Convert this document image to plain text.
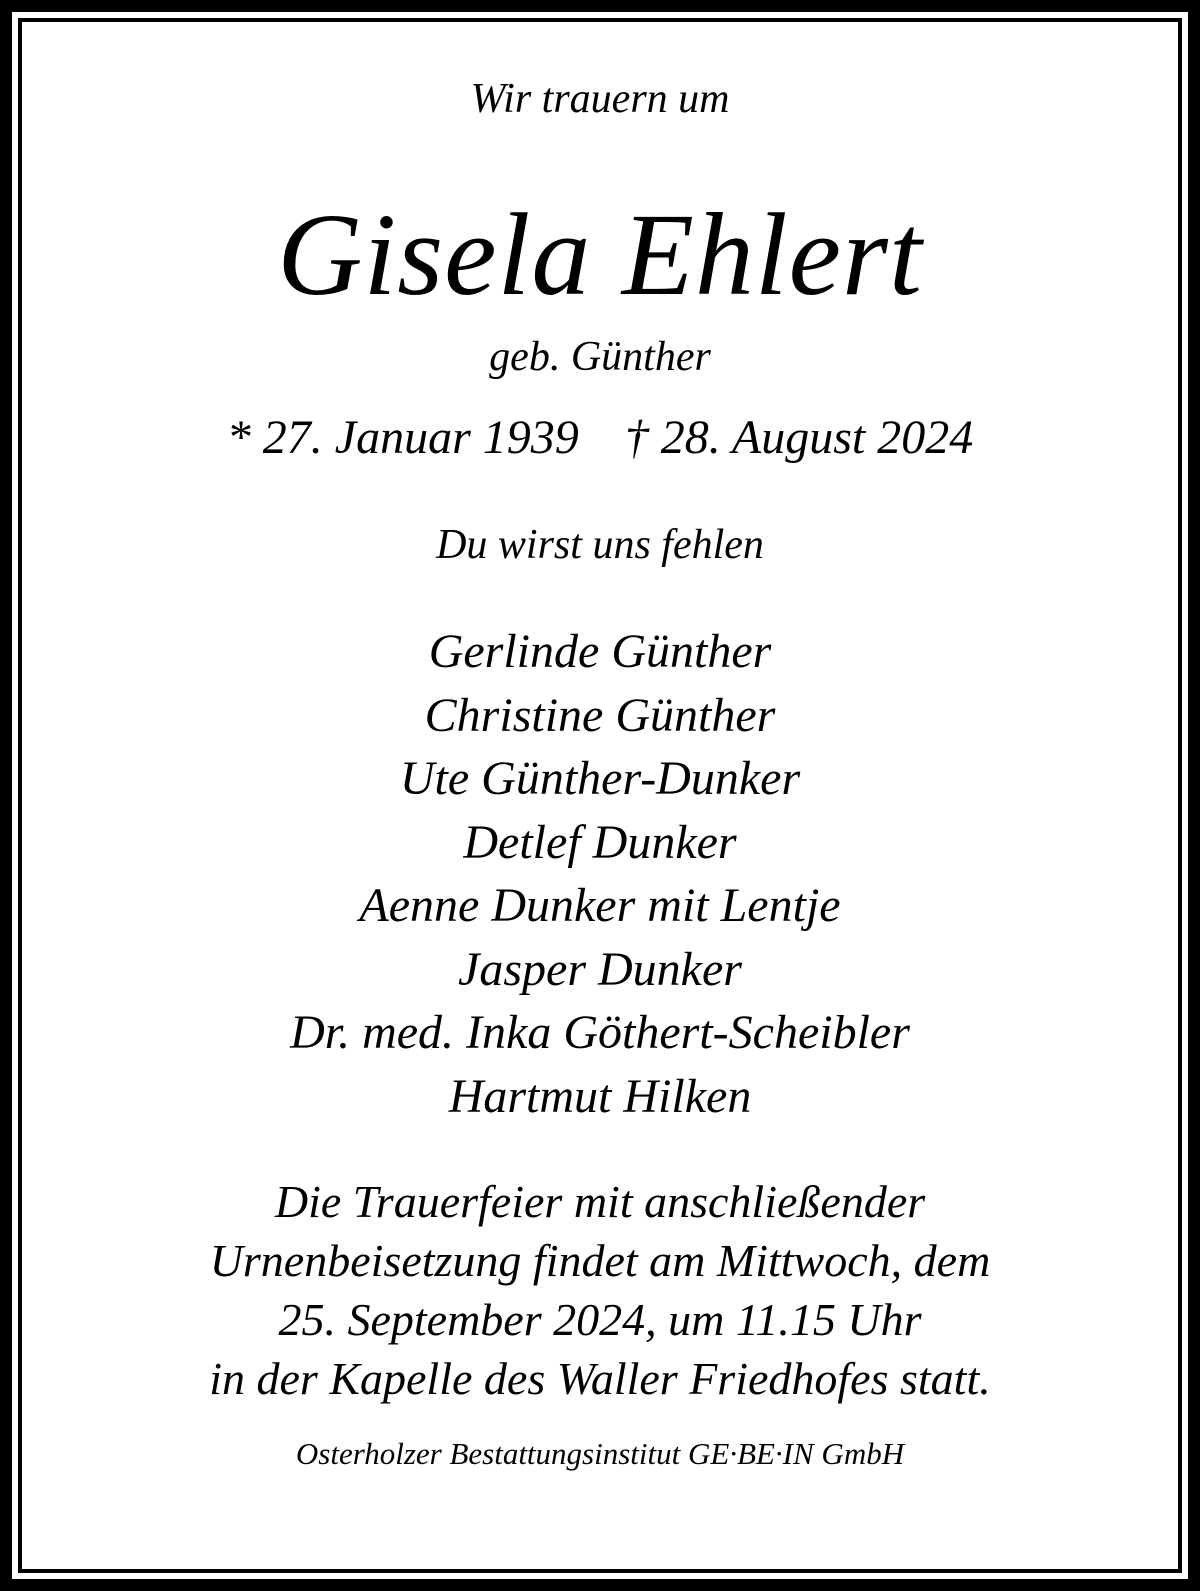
Wir trauern um
Gisela Ehlert
geb. Günther
* 27. Januar 1939 † 28. August 2024
Du wirst uns fehlen
Gerlinde Günther
Christine Günther
Ute Günther-Dunker
Detlef Dunker
Aenne Dunker mit Lentje
Jasper Dunker
Dr. med. Inka Göthert-Scheibler
Hartmut Hilken
Die Trauerfeier mit anschließender
Urnenbeisetzung findet am Mittwoch, dem
25. September 2024, um 11.15 Uhr
in der Kapelle des Waller Friedhofes statt.
Osterholzer Bestattungsinstitut GE·BE·IN GmbH
